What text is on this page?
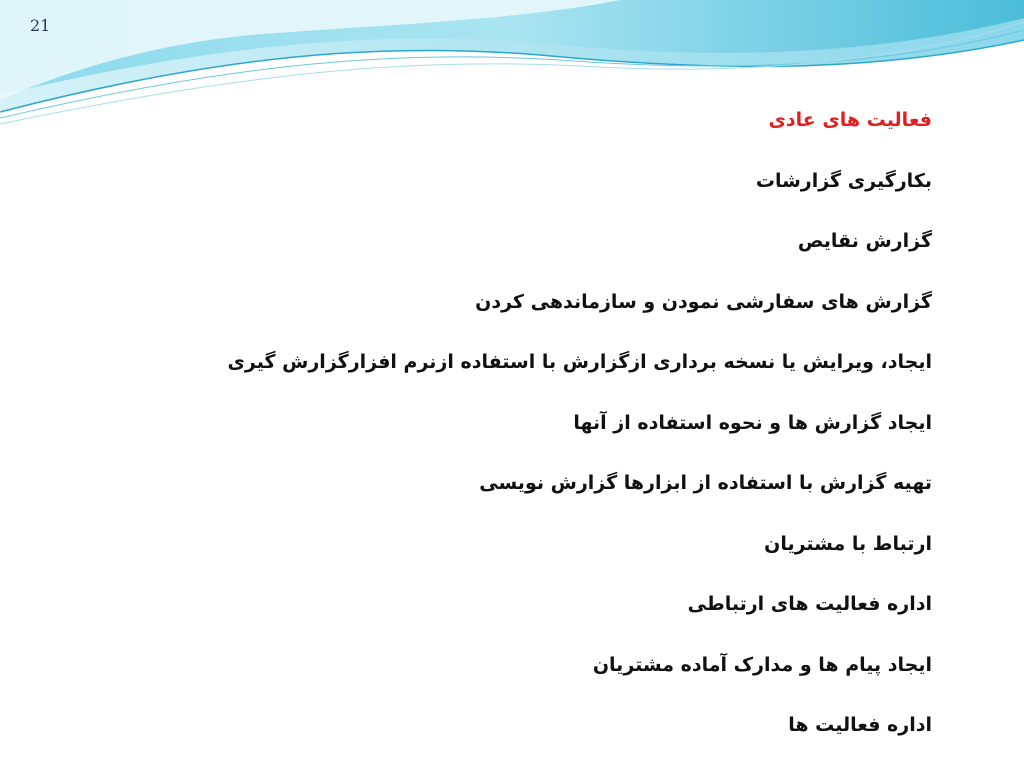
21
فعالیت های عادی
بکارگیری گزارشات
گزارش نقایص
گزارش های سفارشی نمودن و سازماندهی کردن
ایجاد، ویرایش یا نسخه برداری ازگزارش با استفاده ازنرم افزارگزارش گیری
ایجاد گزارش ها و نحوه استفاده از آنها
تهیه گزارش با استفاده از ابزارها گزارش نویسی
ارتباط با مشتریان
اداره فعالیت های ارتباطی
ایجاد پیام ها و مدارک آماده مشتریان
اداره فعالیت ها
